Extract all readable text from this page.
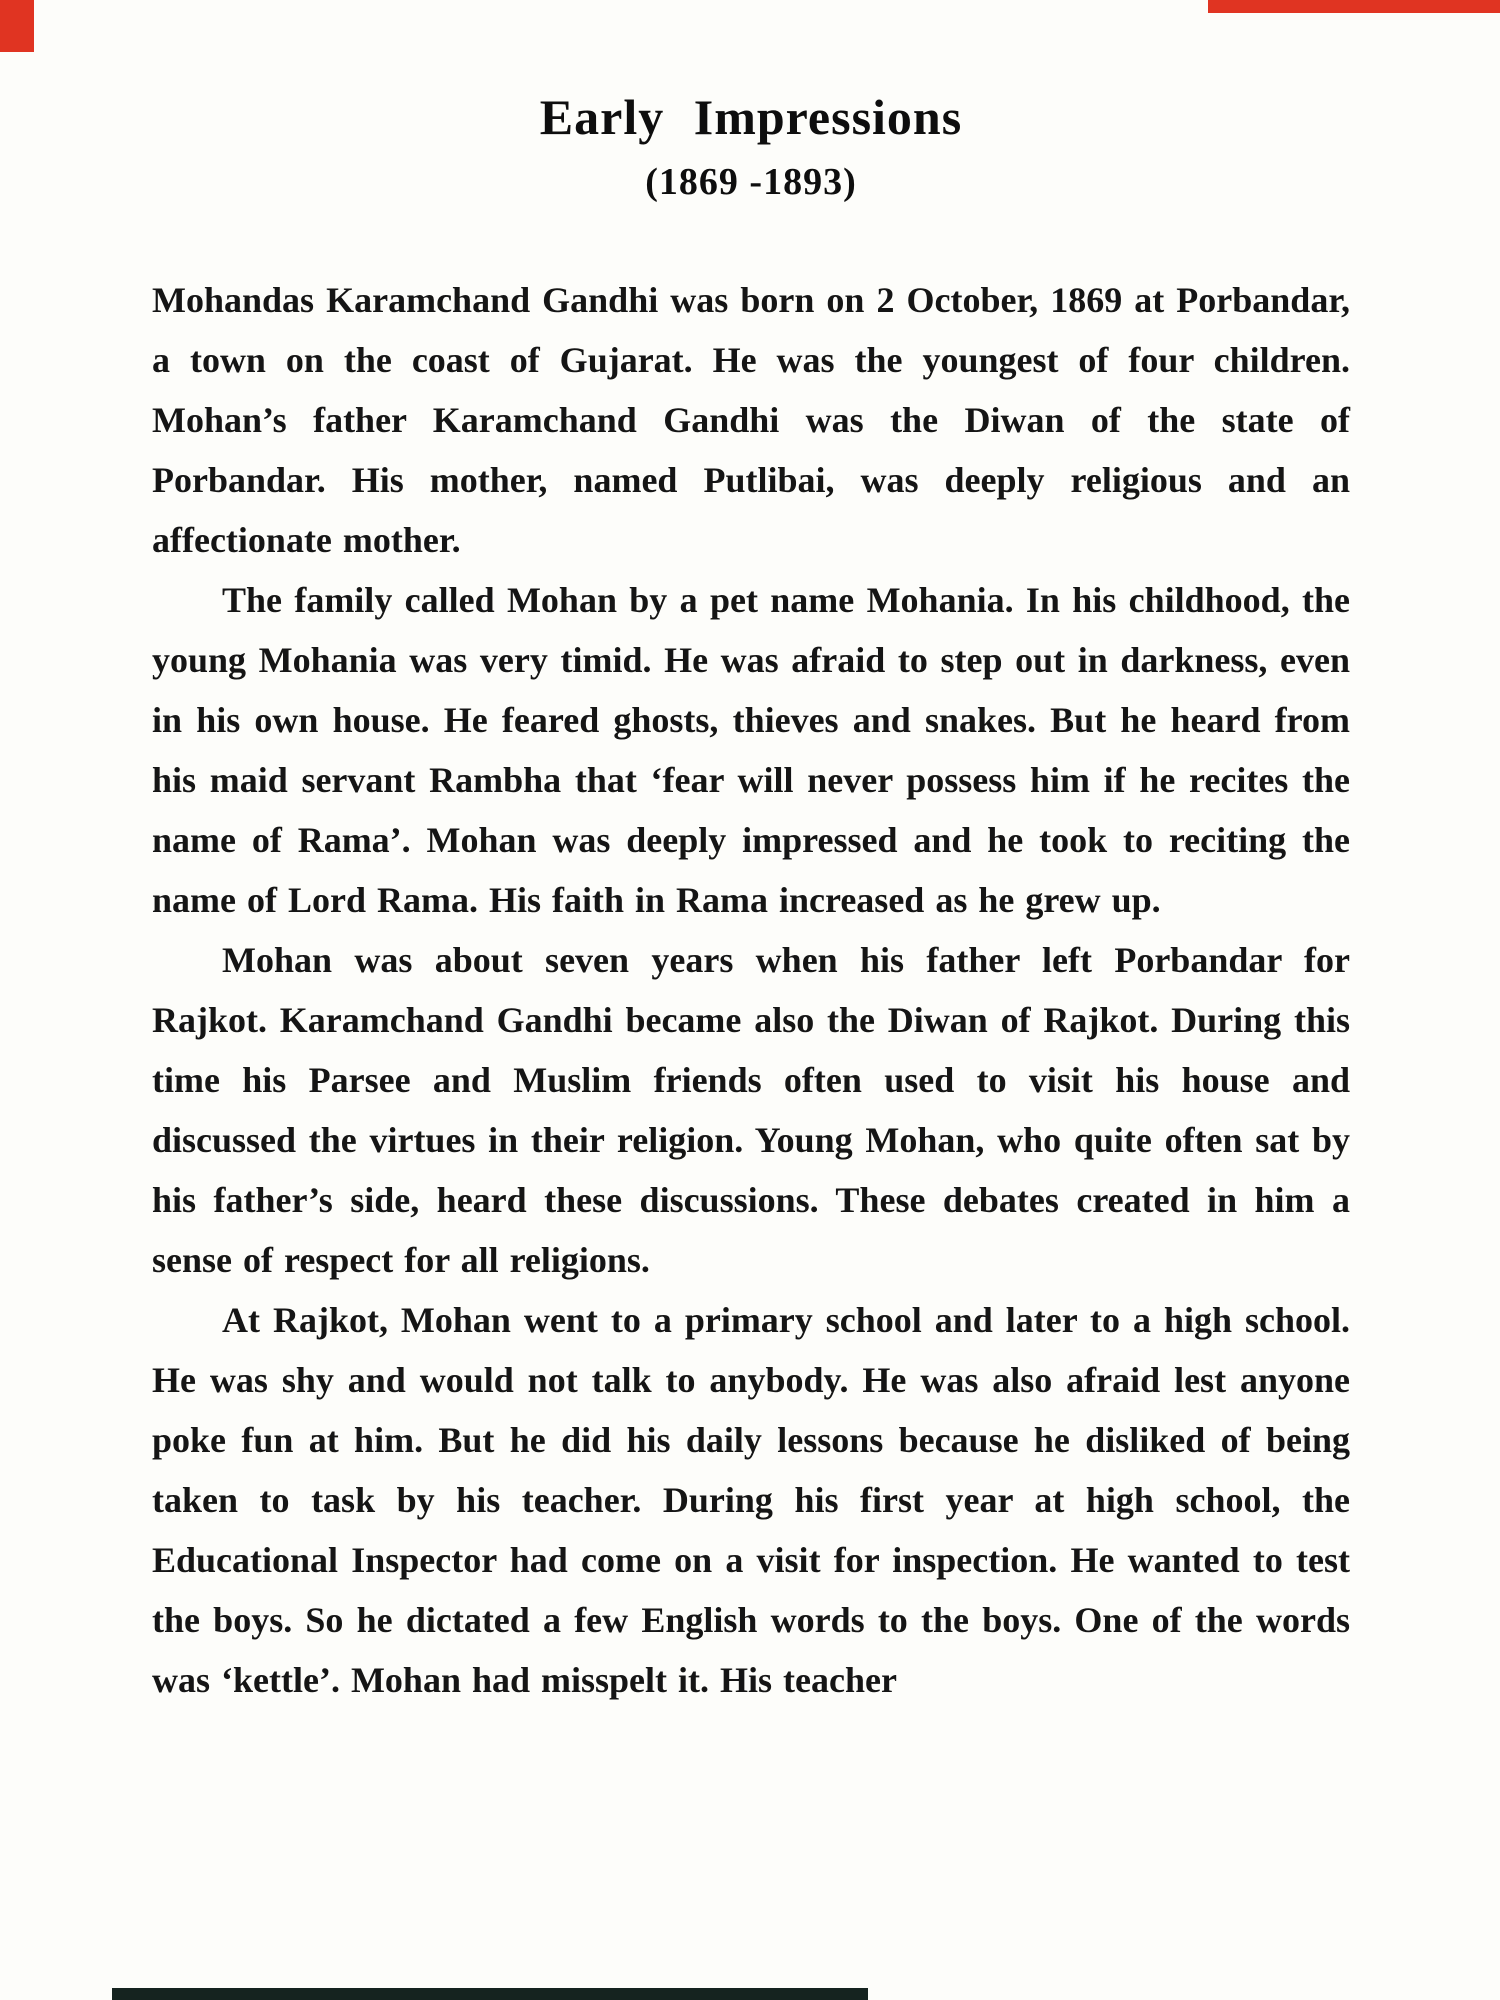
Early Impressions
(1869 -1893)

Mohandas Karamchand Gandhi was born on 2 October, 1869 at Porbandar, a town on the coast of Gujarat. He was the youngest of four children. Mohan’s father Karamchand Gandhi was the Diwan of the state of Porbandar. His mother, named Putlibai, was deeply religious and an affectionate mother.

The family called Mohan by a pet name Mohania. In his childhood, the young Mohania was very timid. He was afraid to step out in darkness, even in his own house. He feared ghosts, thieves and snakes. But he heard from his maid servant Rambha that ‘fear will never possess him if he recites the name of Rama’. Mohan was deeply impressed and he took to reciting the name of Lord Rama. His faith in Rama increased as he grew up.

Mohan was about seven years when his father left Porbandar for Rajkot. Karamchand Gandhi became also the Diwan of Rajkot. During this time his Parsee and Muslim friends often used to visit his house and discussed the virtues in their religion. Young Mohan, who quite often sat by his father’s side, heard these discussions. These debates created in him a sense of respect for all religions.

At Rajkot, Mohan went to a primary school and later to a high school. He was shy and would not talk to anybody. He was also afraid lest anyone poke fun at him. But he did his daily lessons because he disliked of being taken to task by his teacher. During his first year at high school, the Educational Inspector had come on a visit for inspection. He wanted to test the boys. So he dictated a few English words to the boys. One of the words was ‘kettle’. Mohan had misspelt it. His teacher
